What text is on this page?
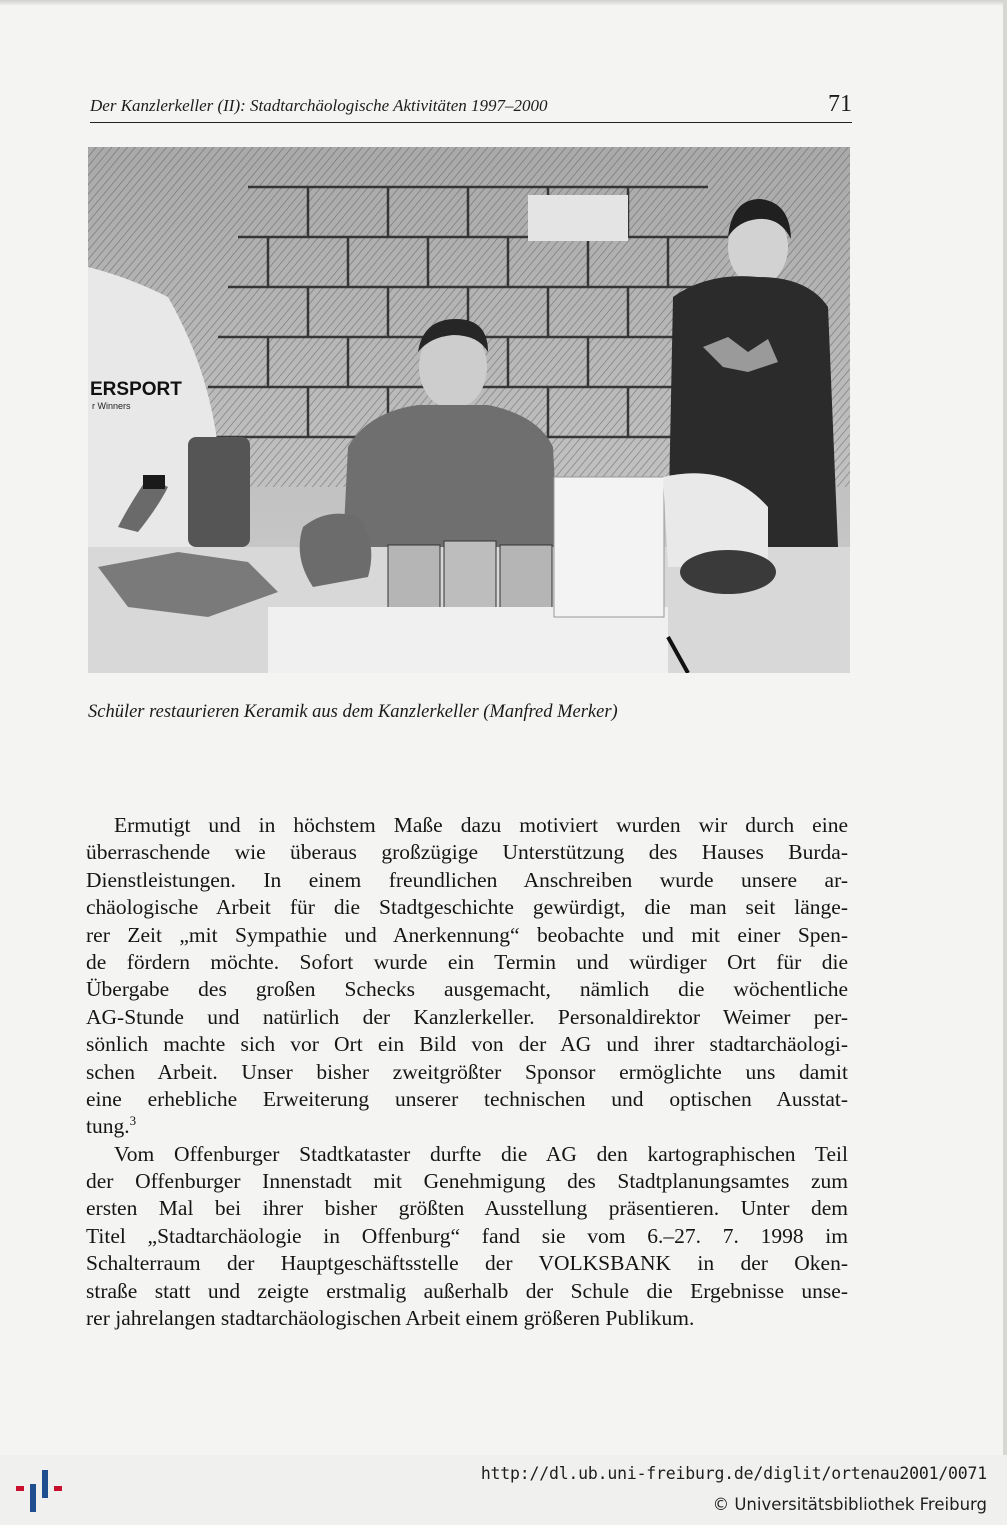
Der Kanzlerkeller (II): Stadtarchäologische Aktivitäten 1997–2000	71
ERSPORT
r Winners
Schüler restaurieren Keramik aus dem Kanzlerkeller (Manfred Merker)
Ermutigt und in höchstem Maße dazu motiviert wurden wir durch eine
überraschende wie überaus großzügige Unterstützung des Hauses Burda-
Dienstleistungen. In einem freundlichen Anschreiben wurde unsere ar-
chäologische Arbeit für die Stadtgeschichte gewürdigt, die man seit länge-
rer Zeit „mit Sympathie und Anerkennung“ beobachte und mit einer Spen-
de fördern möchte. Sofort wurde ein Termin und würdiger Ort für die
Übergabe des großen Schecks ausgemacht, nämlich die wöchentliche
AG-Stunde und natürlich der Kanzlerkeller. Personaldirektor Weimer per-
sönlich machte sich vor Ort ein Bild von der AG und ihrer stadtarchäologi-
schen Arbeit. Unser bisher zweitgrößter Sponsor ermöglichte uns damit
eine erhebliche Erweiterung unserer technischen und optischen Ausstat-
tung.$^3$
Vom Offenburger Stadtkataster durfte die AG den kartographischen Teil
der Offenburger Innenstadt mit Genehmigung des Stadtplanungsamtes zum
ersten Mal bei ihrer bisher größten Ausstellung präsentieren. Unter dem
Titel „Stadtarchäologie in Offenburg“ fand sie vom 6.–27. 7. 1998 im
Schalterraum der Hauptgeschäftsstelle der VOLKSBANK in der Oken-
straße statt und zeigte erstmalig außerhalb der Schule die Ergebnisse unse-
rer jahrelangen stadtarchäologischen Arbeit einem größeren Publikum.
http://dl.ub.uni-freiburg.de/diglit/ortenau2001/0071
© Universitätsbibliothek Freiburg
